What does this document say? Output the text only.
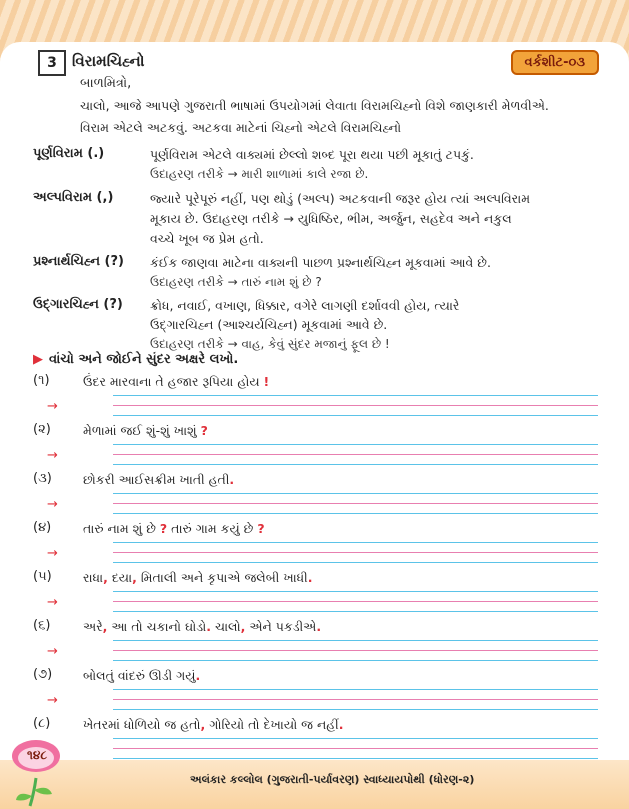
3	વિરામચિહ્નો	વર્કશીટ-૦૩
બાળમિત્રો,
ચાલો, આજે આપણે ગુજરાતી ભાષામાં ઉપયોગમાં લેવાતા વિરામચિહ્નો વિશે જાણકારી મેળવીએ.
વિરામ એટલે અટકવું. અટકવા માટેનાં ચિહ્નો એટલે વિરામચિહ્નો
પૂર્ણવિરામ (.)	પૂર્ણવિરામ એટલે વાક્યમાં છેલ્લો શબ્દ પૂરા થયા પછી મૂકાતું ટપકું.
ઉદાહરણ તરીકે → મારી શાળામાં કાલે રજા છે.
અલ્પવિરામ (,)	જ્યારે પૂરેપૂરું નહીં, પણ થોડું (અલ્પ) અટકવાની જરૂર હોય ત્યાં અલ્પવિરામ
મૂકાય છે. ઉદાહરણ તરીકે → યુધિષ્ઠિર, ભીમ, અર્જુન, સહદેવ અને નકુલ
વચ્ચે ખૂબ જ પ્રેમ હતો.
પ્રશ્નાર્થચિહ્ન (?) કંઈક જાણવા માટેના વાક્યની પાછળ પ્રશ્નાર્થચિહ્ન મૂકવામાં આવે છે.
ઉદાહરણ તરીકે → તારું નામ શું છે ?
ઉદ્ગારચિહ્ન (?) ક્રોધ, નવાઈ, વખાણ, ધિક્કાર, વગેરે લાગણી દર્શાવવી હોય, ત્યારે
ઉદ્ગારચિહ્ન (આશ્ચર્યચિહ્ન) મૂકવામાં આવે છે.
ઉદાહરણ તરીકે → વાહ, કેવું સુંદર મજાનું ફૂલ છે !
▶ વાંચો અને જોઈને સુંદર અક્ષરે લખો.
(૧)	ઉંદર મારવાના તે હજાર રૂપિયા હોય !
→
(૨)	મેળામાં જઈ શું-શું ખાશું ?
→
(૩) છોકરી આઈસક્રીમ ખાતી હતી.
→
(૪)	તારું નામ શું છે ? તારું ગામ કયું છે ?
→
(૫)	રાધા, દયા, મિતાલી અને કૃપાએ જલેબી ખાધી.
→
(૬)	અરે, આ તો ચકાનો ઘોડો. ચાલો, એને પકડીએ.
→
(૭) બોલતું વાંદરું ઊડી ગયું.
→
(૮)	ખેતરમાં ધોળિયો જ હતો, ગોરિયો તો દેખાયો જ નહીં.
૧૪૮
અલંકાર કલ્લોલ (ગુજરાતી-પર્યાવરણ) સ્વાધ્યાયપોથી (ધોરણ-૨)
